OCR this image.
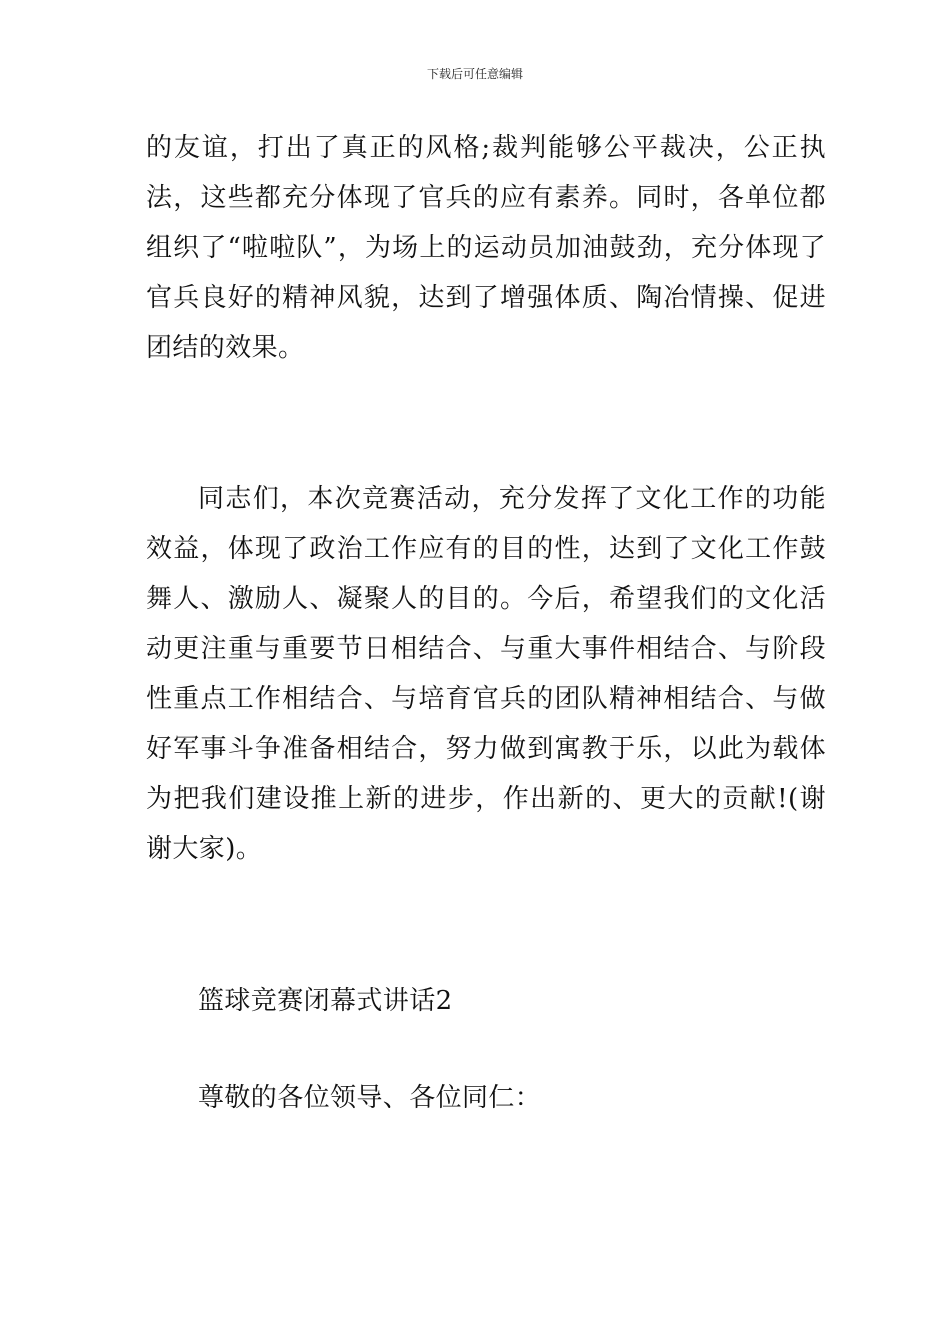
下载后可任意编辑

的友谊，打出了真正的风格;裁判能够公平裁决，公正执法，这些都充分体现了官兵的应有素养。同时，各单位都组织了“啦啦队”，为场上的运动员加油鼓劲，充分体现了官兵良好的精神风貌，达到了增强体质、陶冶情操、促进团结的效果。

同志们，本次竞赛活动，充分发挥了文化工作的功能效益，体现了政治工作应有的目的性，达到了文化工作鼓舞人、激励人、凝聚人的目的。今后，希望我们的文化活动更注重与重要节日相结合、与重大事件相结合、与阶段性重点工作相结合、与培育官兵的团队精神相结合、与做好军事斗争准备相结合，努力做到寓教于乐，以此为载体为把我们建设推上新的进步，作出新的、更大的贡献!(谢谢大家)。

篮球竞赛闭幕式讲话2

尊敬的各位领导、各位同仁：
